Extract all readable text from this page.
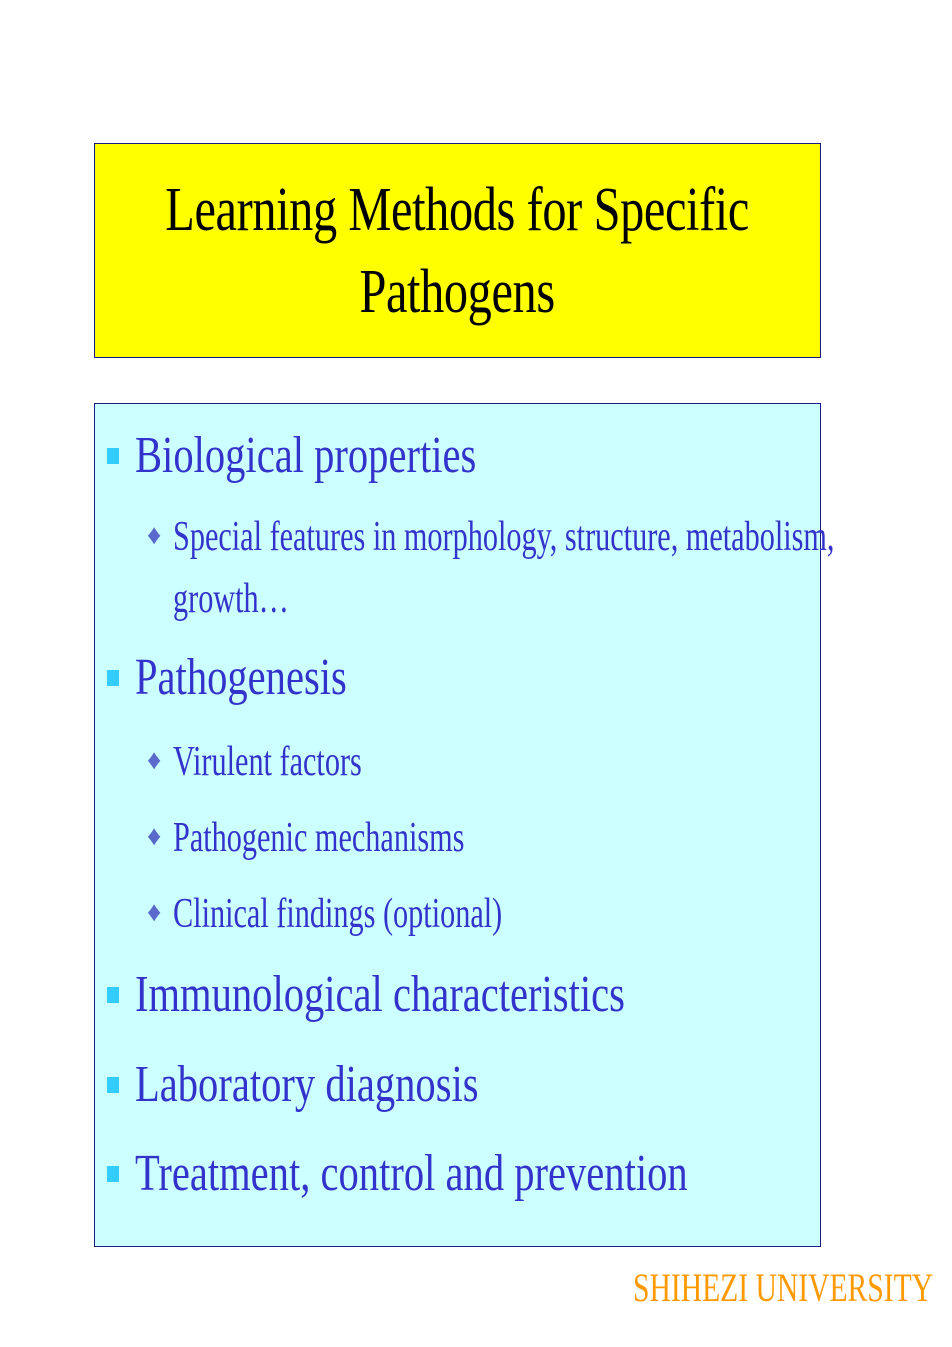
Learning Methods for Specific
Pathogens
Biological properties
♦ Special features in morphology, structure, metabolism,
growth…
Pathogenesis
♦ Virulent factors
♦ Pathogenic mechanisms
♦ Clinical findings (optional)
Immunological characteristics
Laboratory diagnosis
Treatment, control and prevention
SHIHEZI UNIVERSITY
